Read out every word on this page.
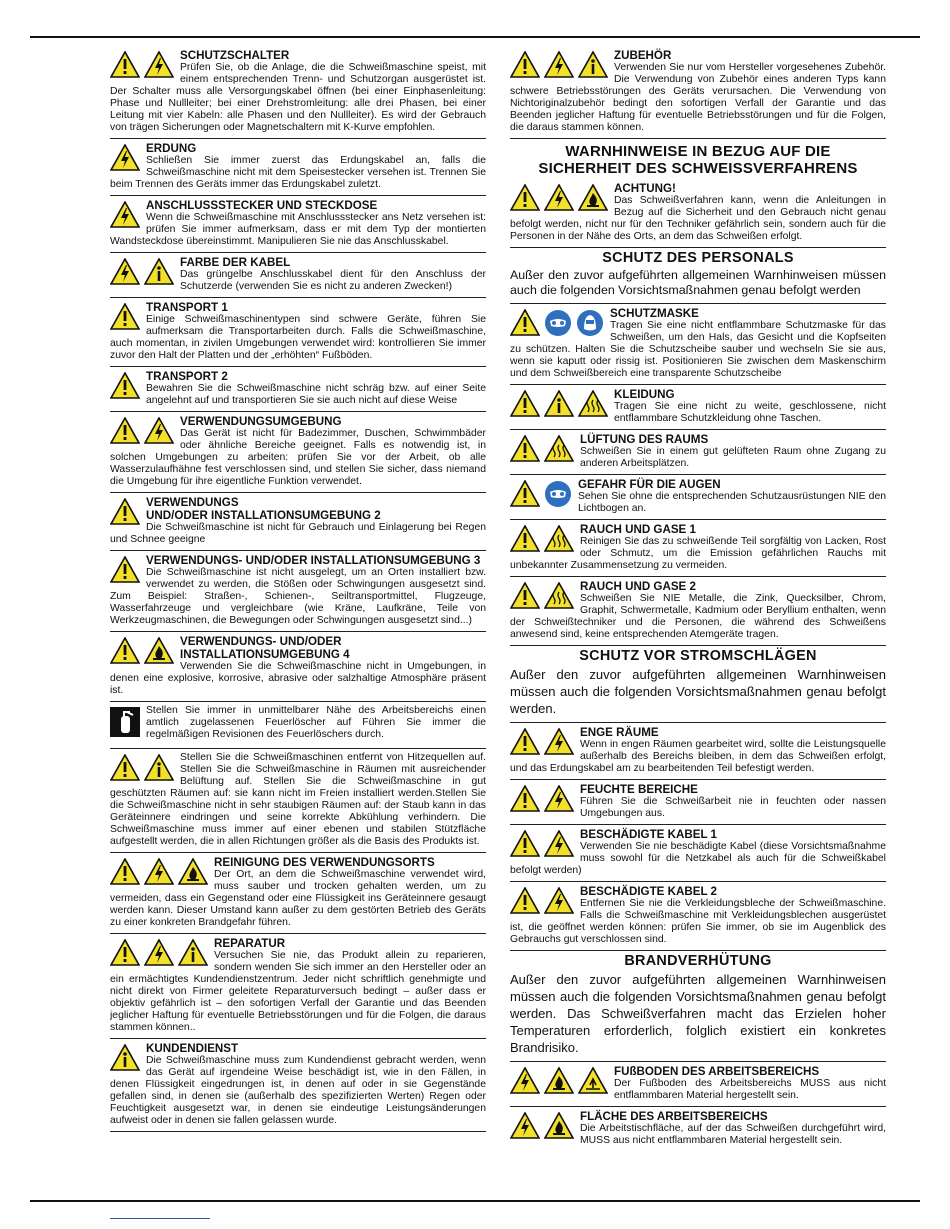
SCHUTZSCHALTER
Prüfen Sie, ob die Anlage, die die Schweißmaschine speist, mit einem entsprechenden Trenn- und Schutzorgan ausgerüstet ist. Der Schalter muss alle Versorgungskabel öffnen (bei einer Einphasenleitung: Phase und Nullleiter; bei einer Drehstromleitung: alle drei Phasen, bei einer Leitung mit vier Kabeln: alle Phasen und den Nullleiter). Es wird der Gebrauch von trägen Sicherungen oder Magnetschaltern mit K-Kurve empfohlen.
ERDUNG
Schließen Sie immer zuerst das Erdungskabel an, falls die Schweißmaschine nicht mit dem Speisestecker versehen ist. Trennen Sie beim Trennen des Geräts immer das Erdungskabel zuletzt.
ANSCHLUSSSTECKER UND STECKDOSE
Wenn die Schweißmaschine mit Anschlussstecker ans Netz versehen ist: prüfen Sie immer aufmerksam, dass er mit dem Typ der montierten Wandsteckdose übereinstimmt. Manipulieren Sie nie das Anschlusskabel.
FARBE DER KABEL
Das grüngelbe Anschlusskabel dient für den Anschluss der Schutzerde (verwenden Sie es nicht zu anderen Zwecken!)
TRANSPORT 1
Einige Schweißmaschinentypen sind schwere Geräte, führen Sie aufmerksam die Transportarbeiten durch. Falls die Schweißmaschine, auch momentan, in zivilen Umgebungen verwendet wird: kontrollieren Sie immer zuvor den Halt der Platten und der „erhöhten“ Fußböden.
TRANSPORT 2
Bewahren Sie die Schweißmaschine nicht schräg bzw. auf einer Seite angelehnt auf und transportieren Sie sie auch nicht auf diese Weise
VERWENDUNGSUMGEBUNG
Das Gerät ist nicht für Badezimmer, Duschen, Schwimmbäder oder ähnliche Bereiche geeignet. Falls es notwendig ist, in solchen Umgebungen zu arbeiten: prüfen Sie vor der Arbeit, ob alle Wasserzulaufhähne fest verschlossen sind, und stellen Sie sicher, dass niemand die Umgebung für ihre eigentliche Funktion verwendet.
VERWENDUNGS
UND/ODER INSTALLATIONSUMGEBUNG 2
Die Schweißmaschine ist nicht für Gebrauch und Einlagerung bei Regen und Schnee geeigne
VERWENDUNGS- UND/ODER INSTALLATIONSUMGEBUNG 3
Die Schweißmaschine ist nicht ausgelegt, um an Orten installiert bzw. verwendet zu werden, die Stößen oder Schwingungen ausgesetzt sind. Zum Beispiel: Straßen-, Schienen-, Seiltransportmittel, Flugzeuge, Wasserfahrzeuge und vergleichbare (wie Kräne, Laufkräne, Teile von Werkzeugmaschinen, die Bewegungen oder Schwingungen ausgesetzt sind...)
VERWENDUNGS- UND/ODER INSTALLATIONSUMGEBUNG 4
Verwenden Sie die Schweißmaschine nicht in Umgebungen, in denen eine explosive, korrosive, abrasive oder salzhaltige Atmosphäre präsent ist.
Stellen Sie immer in unmittelbarer Nähe des Arbeitsbereichs einen amtlich zugelassenen Feuerlöscher auf Führen Sie immer die regelmäßigen Revisionen des Feuerlöschers durch.
Stellen Sie die Schweißmaschinen entfernt von Hitzequellen auf. Stellen Sie die Schweißmaschine in Räumen mit ausreichender Belüftung auf. Stellen Sie die Schweißmaschine in gut geschützten Räumen auf: sie kann nicht im Freien installiert werden.Stellen Sie die Schweißmaschine nicht in sehr staubigen Räumen auf: der Staub kann in das Geräteinnere eindringen und seine korrekte Abkühlung verhindern. Die Schweißmaschine muss immer auf einer ebenen und stabilen Stützfläche aufgestellt werden, die in allen Richtungen größer als die Basis des Produkts ist.
REINIGUNG DES VERWENDUNGSORTS
Der Ort, an dem die Schweißmaschine verwendet wird, muss sauber und trocken gehalten werden, um zu vermeiden, dass ein Gegenstand oder eine Flüssigkeit ins Geräteinnere gesaugt werden kann. Dieser Umstand kann außer zu dem gestörten Betrieb des Geräts zu einer konkreten Brandgefahr führen.
REPARATUR
Versuchen Sie nie, das Produkt allein zu reparieren, sondern wenden Sie sich immer an den Hersteller oder an ein ermächtigtes Kundendienstzentrum. Jeder nicht schriftlich genehmigte und nicht direkt von Firmer geleitete Reparaturversuch bedingt – außer dass er objektiv gefährlich ist – den sofortigen Verfall der Garantie und das Beenden jeglicher Haftung für eventuelle Betriebsstörungen und für die Folgen, die daraus stammen können..
KUNDENDIENST
Die Schweißmaschine muss zum Kundendienst gebracht werden, wenn das Gerät auf irgendeine Weise beschädigt ist, wie in den Fällen, in denen Flüssigkeit eingedrungen ist, in denen auf oder in sie Gegenstände gefallen sind, in denen sie (außerhalb des spezifizierten Werten) Regen oder Feuchtigkeit ausgesetzt war, in denen sie eindeutige Leistungsänderungen aufweist oder in denen sie fallen gelassen wurde.
ZUBEHÖR
Verwenden Sie nur vom Hersteller vorgesehenes Zubehör. Die Verwendung von Zubehör eines anderen Typs kann schwere Betriebsstörungen des Geräts verursachen. Die Verwendung von Nichtoriginalzubehör bedingt den sofortigen Verfall der Garantie und das Beenden jeglicher Haftung für eventuelle Betriebsstörungen und für die Folgen, die daraus stammen können.
WARNHINWEISE IN BEZUG AUF DIE
SICHERHEIT DES SCHWEISSVERFAHRENS
ACHTUNG!
Das Schweißverfahren kann, wenn die Anleitungen in Bezug auf die Sicherheit und den Gebrauch nicht genau befolgt werden, nicht nur für den Techniker gefährlich sein, sondern auch für die Personen in der Nähe des Orts, an dem das Schweißen erfolgt.
SCHUTZ DES PERSONALS
Außer den zuvor aufgeführten allgemeinen Warnhinweisen müssen auch die folgenden Vorsichtsmaßnahmen genau befolgt werden
SCHUTZMASKE
Tragen Sie eine nicht entflammbare Schutzmaske für das Schweißen, um den Hals, das Gesicht und die Kopfseiten zu schützen. Halten Sie die Schutzscheibe sauber und wechseln Sie sie aus, wenn sie kaputt oder rissig ist. Positionieren Sie zwischen dem Maskenschirm und dem Schweißbereich eine transparente Schutzscheibe
KLEIDUNG
Tragen Sie eine nicht zu weite, geschlossene, nicht entflammbare Schutzkleidung ohne Taschen.
LÜFTUNG DES RAUMS
Schweißen Sie in einem gut gelüfteten Raum ohne Zugang zu anderen Arbeitsplätzen.
GEFAHR FÜR DIE AUGEN
Sehen Sie ohne die entsprechenden Schutzausrüstungen NIE den Lichtbogen an.
RAUCH UND GASE 1
Reinigen Sie das zu schweißende Teil sorgfältig von Lacken, Rost oder Schmutz, um die Emission gefährlichen Rauchs mit unbekannter Zusammensetzung zu vermeiden.
RAUCH UND GASE 2
Schweißen Sie NIE Metalle, die Zink, Quecksilber, Chrom, Graphit, Schwermetalle, Kadmium oder Beryllium enthalten, wenn der Schweißtechniker und die Personen, die während des Schweißens anwesend sind, keine entsprechenden Atemgeräte tragen.
SCHUTZ VOR STROMSCHLÄGEN
Außer den zuvor aufgeführten allgemeinen Warnhinweisen müssen auch die folgenden Vorsichtsmaßnahmen genau befolgt werden.
ENGE RÄUME
Wenn in engen Räumen gearbeitet wird, sollte die Leistungsquelle außerhalb des Bereichs bleiben, in dem das Schweißen erfolgt, und das Erdungskabel am zu bearbeitenden Teil befestigt werden.
FEUCHTE BEREICHE
Führen Sie die Schweißarbeit nie in feuchten oder nassen Umgebungen aus.
BESCHÄDIGTE KABEL 1
Verwenden Sie nie beschädigte Kabel (diese Vorsichtsmaßnahme muss sowohl für die Netzkabel als auch für die Schweißkabel befolgt werden)
BESCHÄDIGTE KABEL 2
Entfernen Sie nie die Verkleidungsbleche der Schweißmaschine. Falls die Schweißmaschine mit Verkleidungsblechen ausgerüstet ist, die geöffnet werden können: prüfen Sie immer, ob sie im Augenblick des Gebrauchs gut verschlossen sind.
BRANDVERHÜTUNG
Außer den zuvor aufgeführten allgemeinen Warnhinweisen müssen auch die folgenden Vorsichtsmaßnahmen genau befolgt werden. Das Schweißverfahren macht das Erzielen hoher Temperaturen erforderlich, folglich existiert ein konkretes Brandrisiko.
FUßBODEN DES ARBEITSBEREICHS
Der Fußboden des Arbeitsbereichs MUSS aus nicht entflammbaren Material hergestellt sein.
FLÄCHE DES ARBEITSBEREICHS
Die Arbeitstischfläche, auf der das Schweißen durchgeführt wird, MUSS aus nicht entflammbaren Material hergestellt sein.
